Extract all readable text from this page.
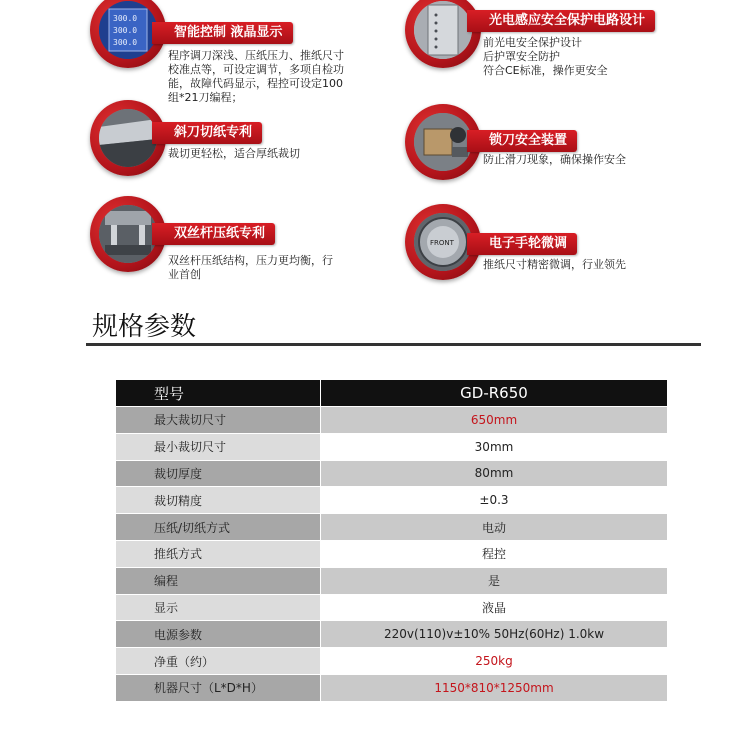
300.0
300.0
300.0
智能控制 液晶显示
程序调刀深浅、压纸压力、推纸尺寸校准点等，可设定调节，多项自检功能，故障代码显示，程控可设定100组*21刀编程；
光电感应安全保护电路设计
前光电安全保护设计
后护罩安全防护
符合CE标准，操作更安全
斜刀切纸专利
裁切更轻松，适合厚纸裁切
锁刀安全装置
防止滑刀现象，确保操作安全
双丝杆压纸专利
双丝杆压纸结构，压力更均衡，行业首创
FRONT	电子手轮微调
推纸尺寸精密微调，行业领先
规格参数
型号	GD-R650
最大裁切尺寸	650mm
最小裁切尺寸	30mm
裁切厚度	80mm
裁切精度	±0.3
压纸/切纸方式	电动
推纸方式	程控
编程	是
显示	液晶
电源参数	220v(110)v±10% 50Hz(60Hz) 1.0kw
净重（约）	250kg
机器尺寸（L*D*H）	1150*810*1250mm
